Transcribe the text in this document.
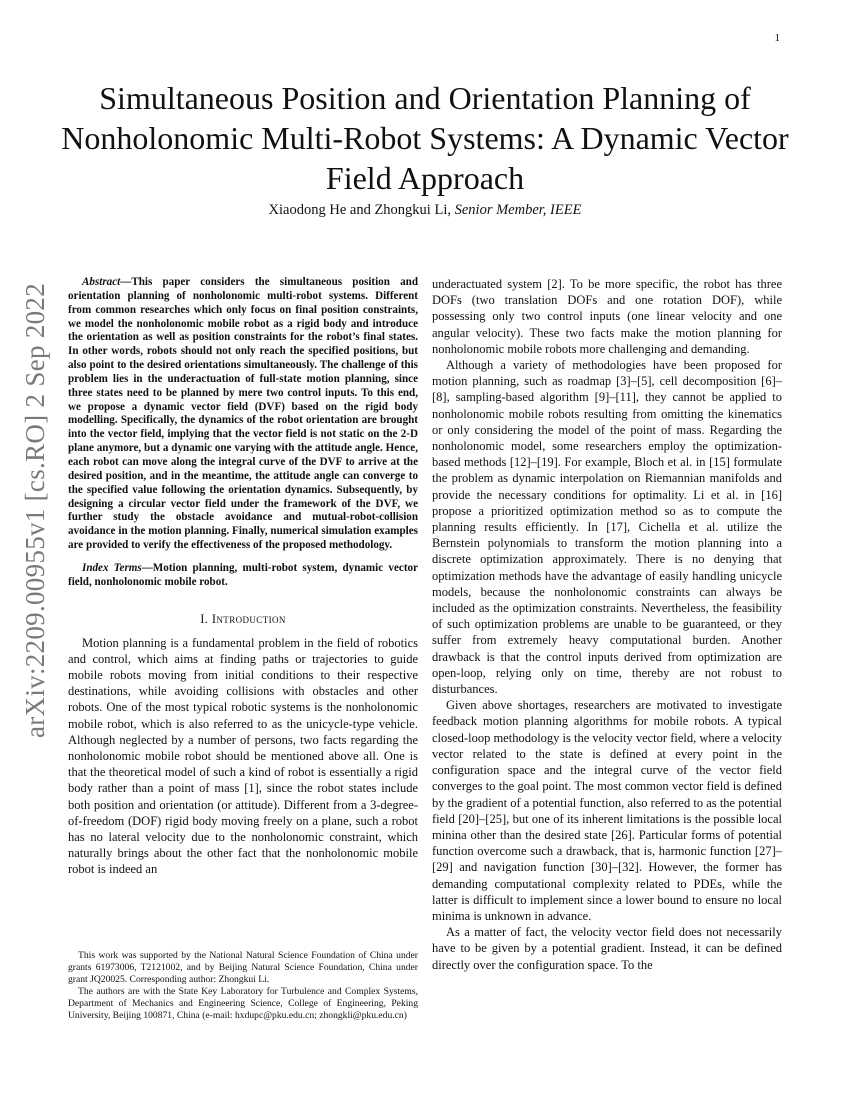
1
arXiv:2209.00955v1 [cs.RO] 2 Sep 2022
Simultaneous Position and Orientation Planning of Nonholonomic Multi-Robot Systems: A Dynamic Vector Field Approach
Xiaodong He and Zhongkui Li, Senior Member, IEEE

Abstract—This paper considers the simultaneous position and orientation planning of nonholonomic multi-robot systems. Different from common researches which only focus on final position constraints, we model the nonholonomic mobile robot as a rigid body and introduce the orientation as well as position constraints for the robot’s final states. In other words, robots should not only reach the specified positions, but also point to the desired orientations simultaneously. The challenge of this problem lies in the underactuation of full-state motion planning, since three states need to be planned by mere two control inputs. To this end, we propose a dynamic vector field (DVF) based on the rigid body modelling. Specifically, the dynamics of the robot orientation are brought into the vector field, implying that the vector field is not static on the 2-D plane anymore, but a dynamic one varying with the attitude angle. Hence, each robot can move along the integral curve of the DVF to arrive at the desired position, and in the meantime, the attitude angle can converge to the specified value following the orientation dynamics. Subsequently, by designing a circular vector field under the framework of the DVF, we further study the obstacle avoidance and mutual-robot-collision avoidance in the motion planning. Finally, numerical simulation examples are provided to verify the effectiveness of the proposed methodology.

Index Terms—Motion planning, multi-robot system, dynamic vector field, nonholonomic mobile robot.

I. Introduction

Motion planning is a fundamental problem in the field of robotics and control, which aims at finding paths or trajectories to guide mobile robots moving from initial conditions to their respective destinations, while avoiding collisions with obstacles and other robots. One of the most typical robotic systems is the nonholonomic mobile robot, which is also referred to as the unicycle-type vehicle. Although neglected by a number of persons, two facts regarding the nonholonomic mobile robot should be mentioned above all. One is that the theoretical model of such a kind of robot is essentially a rigid body rather than a point of mass [1], since the robot states include both position and orientation (or attitude). Different from a 3-degree-of-freedom (DOF) rigid body moving freely on a plane, such a robot has no lateral velocity due to the nonholonomic constraint, which naturally brings about the other fact that the nonholonomic mobile robot is indeed an

This work was supported by the National Natural Science Foundation of China under grants 61973006, T2121002, and by Beijing Natural Science Foundation, China under grant JQ20025. Corresponding author: Zhongkui Li.

The authors are with the State Key Laboratory for Turbulence and Complex Systems, Department of Mechanics and Engineering Science, College of Engineering, Peking University, Beijing 100871, China (e-mail: hxdupc@pku.edu.cn; zhongkli@pku.edu.cn)

underactuated system [2]. To be more specific, the robot has three DOFs (two translation DOFs and one rotation DOF), while possessing only two control inputs (one linear velocity and one angular velocity). These two facts make the motion planning for nonholonomic mobile robots more challenging and demanding.

Although a variety of methodologies have been proposed for motion planning, such as roadmap [3]–[5], cell decomposition [6]–[8], sampling-based algorithm [9]–[11], they cannot be applied to nonholonomic mobile robots resulting from omitting the kinematics or only considering the model of the point of mass. Regarding the nonholonomic model, some researchers employ the optimization-based methods [12]–[19]. For example, Bloch et al. in [15] formulate the problem as dynamic interpolation on Riemannian manifolds and provide the necessary conditions for optimality. Li et al. in [16] propose a prioritized optimization method so as to compute the planning results efficiently. In [17], Cichella et al. utilize the Bernstein polynomials to transform the motion planning into a discrete optimization approximately. There is no denying that optimization methods have the advantage of easily handling unicycle models, because the nonholonomic constraints can always be included as the optimization constraints. Nevertheless, the feasibility of such optimization problems are unable to be guaranteed, or they suffer from extremely heavy computational burden. Another drawback is that the control inputs derived from optimization are open-loop, relying only on time, thereby are not robust to disturbances.

Given above shortages, researchers are motivated to investigate feedback motion planning algorithms for mobile robots. A typical closed-loop methodology is the velocity vector field, where a velocity vector related to the state is defined at every point in the configuration space and the integral curve of the vector field converges to the goal point. The most common vector field is defined by the gradient of a potential function, also referred to as the potential field [20]–[25], but one of its inherent limitations is the possible local minina other than the desired state [26]. Particular forms of potential function overcome such a drawback, that is, harmonic function [27]–[29] and navigation function [30]–[32]. However, the former has demanding computational complexity related to PDEs, while the latter is difficult to implement since a lower bound to ensure no local minima is unknown in advance.

As a matter of fact, the velocity vector field does not necessarily have to be given by a potential gradient. Instead, it can be defined directly over the configuration space. To the
